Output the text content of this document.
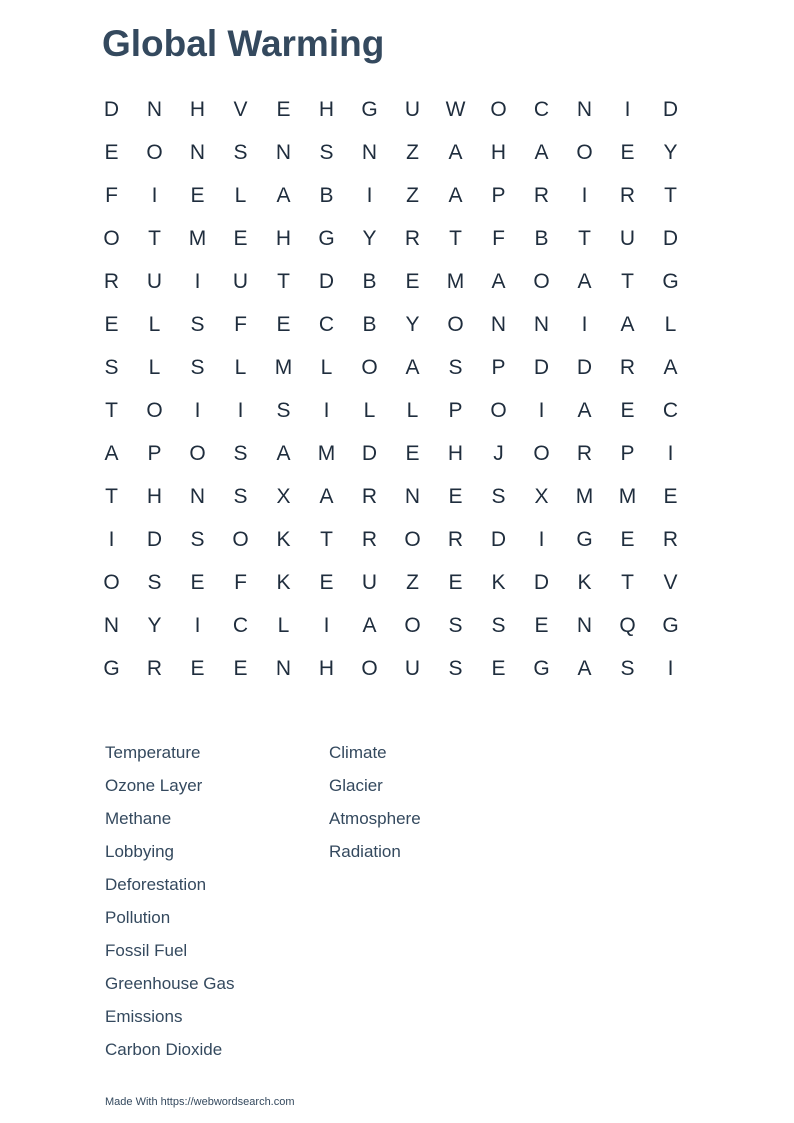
Global Warming
D	N	H	V	E	H	G	U	W	O	C	N	I	D
E	O	N	S	N	S	N	Z	A	H	A	O	E	Y
F	I	E	L	A	B	I	Z	A	P	R	I	R	T
O	T	M	E	H	G	Y	R	T	F	B	T	U	D
R	U	I	U	T	D	B	E	M	A	O	A	T	G
E	L	S	F	E	C	B	Y	O	N	N	I	A	L
S	L	S	L	M	L	O	A	S	P	D	D	R	A
T	O	I	I	S	I	L	L	P	O	I	A	E	C
A	P	O	S	A	M	D	E	H	J	O	R	P	I
T	H	N	S	X	A	R	N	E	S	X	M	M	E
I	D	S	O	K	T	R	O	R	D	I	G	E	R
O	S	E	F	K	E	U	Z	E	K	D	K	T	V
N	Y	I	C	L	I	A	O	S	S	E	N	Q	G
G	R	E	E	N	H	O	U	S	E	G	A	S	I
Temperature
Ozone Layer
Methane
Lobbying
Deforestation
Pollution
Fossil Fuel
Greenhouse Gas
Emissions
Carbon Dioxide
Climate
Glacier
Atmosphere
Radiation
Made With https://webwordsearch.com
